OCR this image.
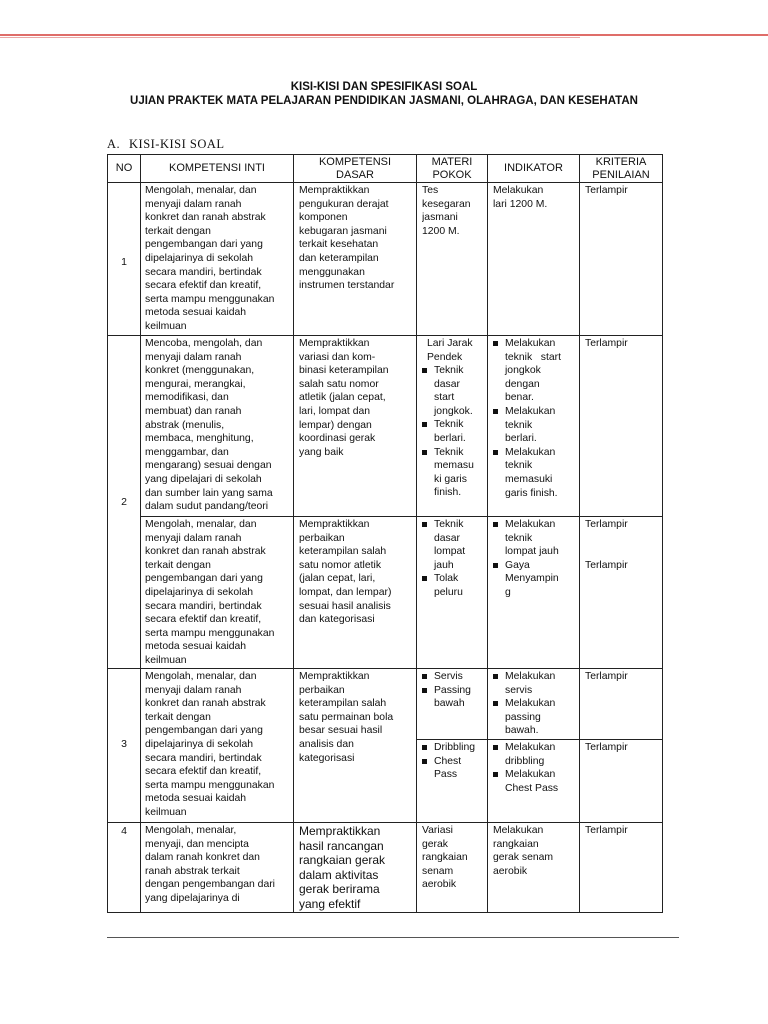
KISI-KISI DAN SPESIFIKASI SOAL
UJIAN PRAKTEK MATA PELAJARAN PENDIDIKAN JASMANI, OLAHRAGA, DAN KESEHATAN
A. KISI-KISI SOAL
NO	KOMPETENSI INTI
KOMPETENSI
DASAR
MATERI
POKOK
INDIKATOR
KRITERIA
PENILAIAN
1
Mengolah, menalar, dan
menyaji dalam ranah
konkret dan ranah abstrak
terkait dengan
pengembangan dari yang
dipelajarinya di sekolah
secara mandiri, bertindak
secara efektif dan kreatif,
serta mampu menggunakan
metoda sesuai kaidah
keilmuan
Mempraktikkan
pengukuran derajat
komponen
kebugaran jasmani
terkait kesehatan
dan keterampilan
menggunakan
instrumen terstandar
Tes
kesegaran
jasmani
1200 M.
Melakukan
lari 1200 M.
Terlampir
2
Mencoba, mengolah, dan
menyaji dalam ranah
konkret (menggunakan,
mengurai, merangkai,
memodifikasi, dan
membuat) dan ranah
abstrak (menulis,
membaca, menghitung,
menggambar, dan
mengarang) sesuai dengan
yang dipelajari di sekolah
dan sumber lain yang sama
dalam sudut pandang/teori
Mempraktikkan
variasi dan kom-
binasi keterampilan
salah satu nomor
atletik (jalan cepat,
lari, lompat dan
lempar) dengan
koordinasi gerak
yang baik
Lari Jarak
Pendek
Teknik
dasar
start
jongkok.
Teknik
berlari.
Teknik
memasu
ki garis
finish.
Melakukan
teknik   start
jongkok
dengan
benar.
Melakukan
teknik
berlari.
Melakukan
teknik
memasuki
garis finish.
Terlampir
Mengolah, menalar, dan
menyaji dalam ranah
konkret dan ranah abstrak
terkait dengan
pengembangan dari yang
dipelajarinya di sekolah
secara mandiri, bertindak
secara efektif dan kreatif,
serta mampu menggunakan
metoda sesuai kaidah
keilmuan
Mempraktikkan
perbaikan
keterampilan salah
satu nomor atletik
(jalan cepat, lari,
lompat, dan lempar)
sesuai hasil analisis
dan kategorisasi
Teknik
dasar
lompat
jauh
Tolak
peluru
Melakukan
teknik
lompat jauh
Gaya
Menyampin
g
Terlampir
Terlampir
3
Mengolah, menalar, dan
menyaji dalam ranah
konkret dan ranah abstrak
terkait dengan
pengembangan dari yang
dipelajarinya di sekolah
secara mandiri, bertindak
secara efektif dan kreatif,
serta mampu menggunakan
metoda sesuai kaidah
keilmuan
Mempraktikkan
perbaikan
keterampilan salah
satu permainan bola
besar sesuai hasil
analisis dan
kategorisasi
Servis
Passing
bawah
Melakukan
servis
Melakukan
passing
bawah.
Terlampir
Dribbling
Chest
Pass
Melakukan
dribbling
Melakukan
Chest Pass
Terlampir
4	Mengolah, menalar,
menyaji, dan mencipta
dalam ranah konkret dan
ranah abstrak terkait
dengan pengembangan dari
yang dipelajarinya di
Mempraktikkan
hasil rancangan
rangkaian gerak
dalam aktivitas
gerak berirama
yang efektif
Variasi
gerak
rangkaian
senam
aerobik
Melakukan
rangkaian
gerak senam
aerobik
Terlampir
